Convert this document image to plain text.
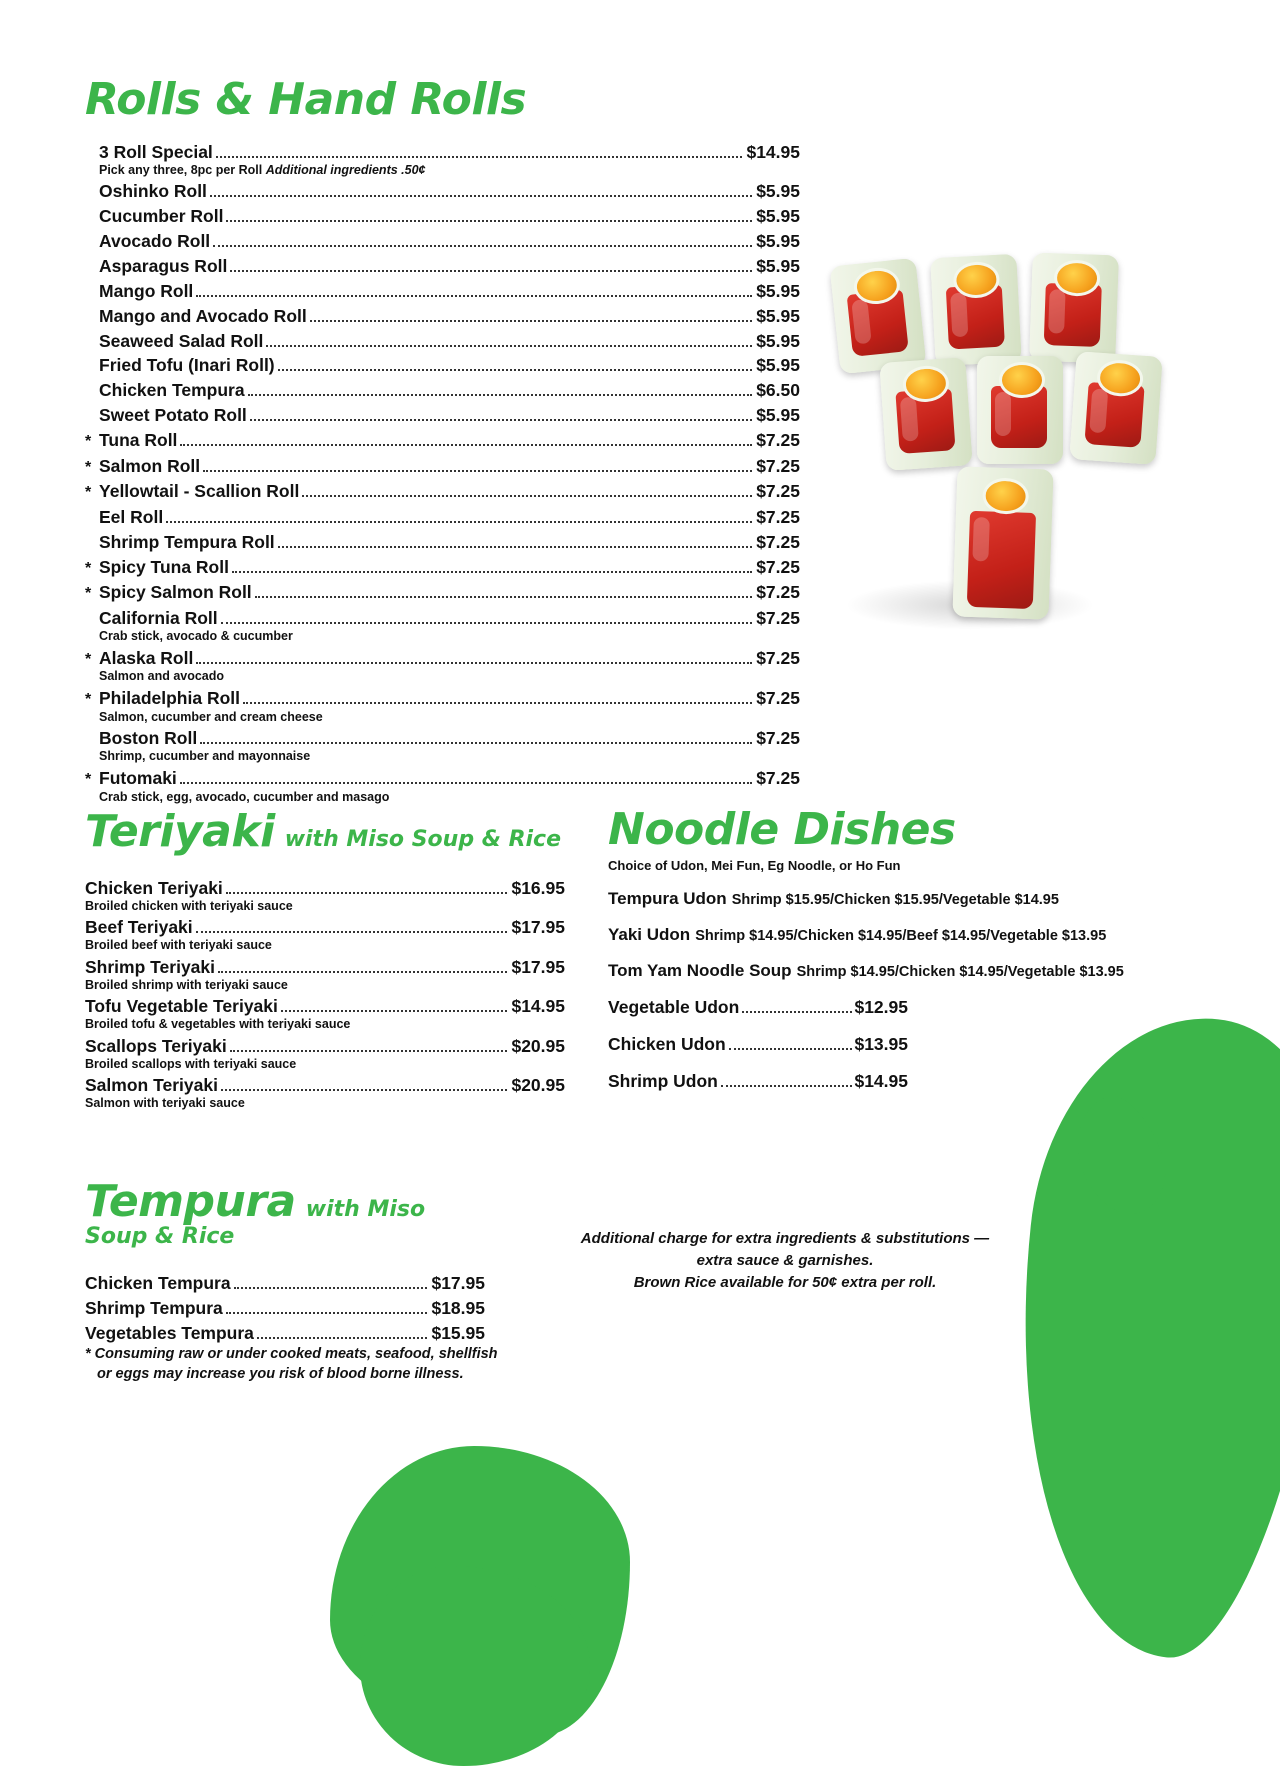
Rolls & Hand Rolls
3 Roll Special	$14.95
Pick any three, 8pc per Roll Additional ingredients .50¢
Oshinko Roll	$5.95
Cucumber Roll	$5.95
Avocado Roll	$5.95
Asparagus Roll	$5.95
Mango Roll	$5.95
Mango and Avocado Roll	$5.95
Seaweed Salad Roll	$5.95
Fried Tofu (Inari Roll)	$5.95
Chicken Tempura	$6.50
Sweet Potato Roll	$5.95
* Tuna Roll	$7.25
* Salmon Roll	$7.25
* Yellowtail - Scallion Roll	$7.25
Eel Roll	$7.25
Shrimp Tempura Roll	$7.25
* Spicy Tuna Roll	$7.25
* Spicy Salmon Roll	$7.25
California Roll	$7.25
Crab stick, avocado & cucumber
* Alaska Roll	$7.25
Salmon and avocado
* Philadelphia Roll	$7.25
Salmon, cucumber and cream cheese
Boston Roll	$7.25
Shrimp, cucumber and mayonnaise
* Futomaki	$7.25
Crab stick, egg, avocado, cucumber and masago
Teriyaki with Miso Soup & Rice
Chicken Teriyaki	$16.95
Broiled chicken with teriyaki sauce
Beef Teriyaki	$17.95
Broiled beef with teriyaki sauce
Shrimp Teriyaki	$17.95
Broiled shrimp with teriyaki sauce
Tofu Vegetable Teriyaki	$14.95
Broiled tofu & vegetables with teriyaki sauce
Scallops Teriyaki	$20.95
Broiled scallops with teriyaki sauce
Salmon Teriyaki	$20.95
Salmon with teriyaki sauce
Tempura with Miso Soup & Rice
Chicken Tempura	$17.95
Shrimp Tempura	$18.95
Vegetables Tempura	$15.95
* Consuming raw or under cooked meats, seafood, shellfish
or eggs may increase you risk of blood borne illness.
Noodle Dishes
Choice of Udon, Mei Fun, Eg Noodle, or Ho Fun
Tempura Udon Shrimp $15.95/Chicken $15.95/Vegetable $14.95
Yaki Udon Shrimp $14.95/Chicken $14.95/Beef $14.95/Vegetable $13.95
Tom Yam Noodle Soup Shrimp $14.95/Chicken $14.95/Vegetable $13.95
Vegetable Udon	$12.95
Chicken Udon	$13.95
Shrimp Udon	$14.95
Additional charge for extra ingredients & substitutions —
extra sauce & garnishes.
Brown Rice available for 50¢ extra per roll.
